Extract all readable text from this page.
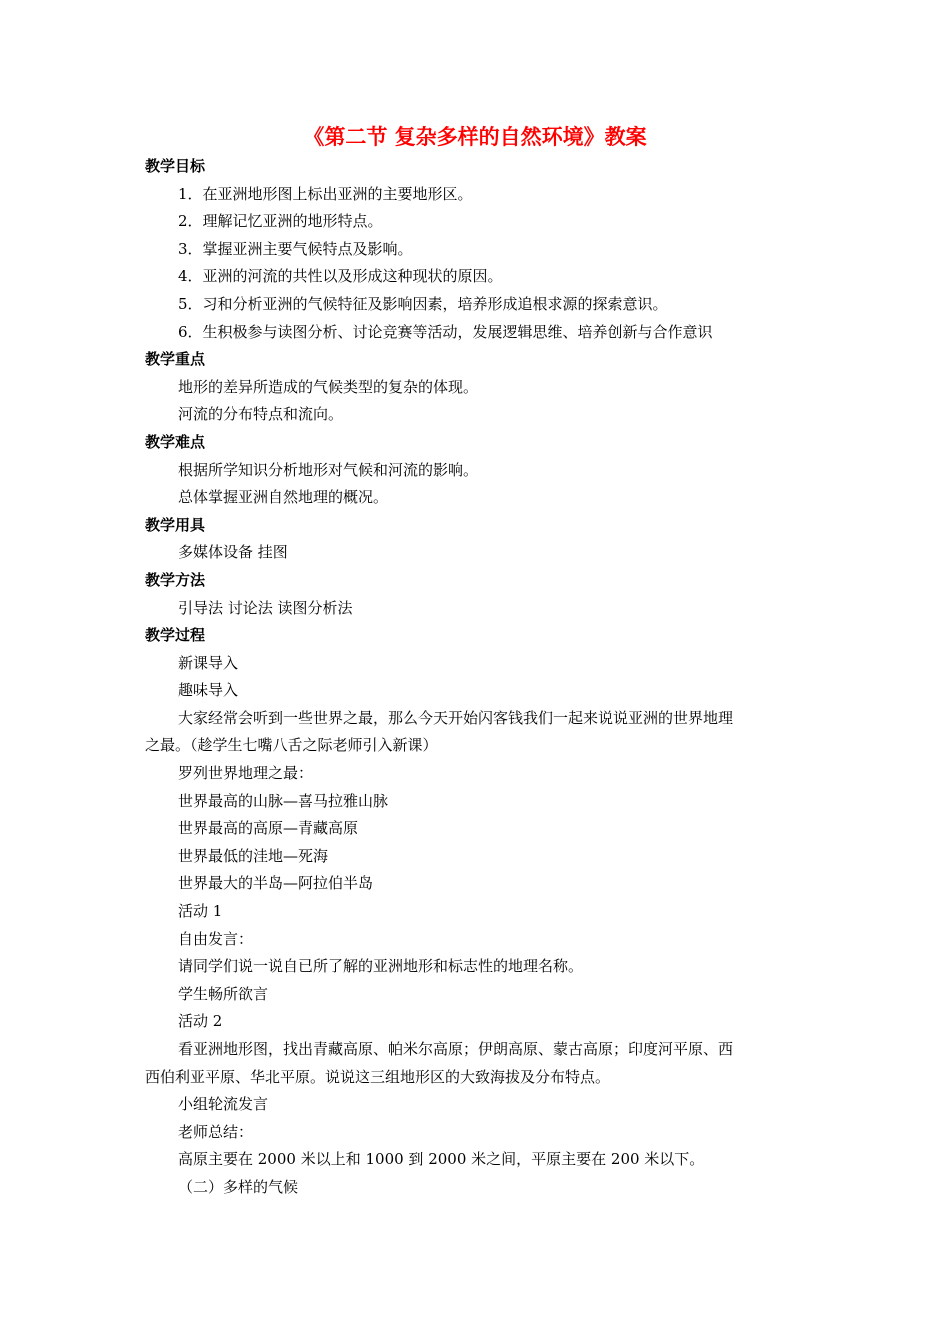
《第二节 复杂多样的自然环境》教案
教学目标
1．在亚洲地形图上标出亚洲的主要地形区。
2．理解记忆亚洲的地形特点。
3．掌握亚洲主要气候特点及影响。
4．亚洲的河流的共性以及形成这种现状的原因。
5．习和分析亚洲的气候特征及影响因素，培养形成追根求源的探索意识。
6．生积极参与读图分析、讨论竞赛等活动，发展逻辑思维、培养创新与合作意识
教学重点
地形的差异所造成的气候类型的复杂的体现。
河流的分布特点和流向。
教学难点
根据所学知识分析地形对气候和河流的影响。
总体掌握亚洲自然地理的概况。
教学用具
多媒体设备 挂图
教学方法
引导法 讨论法 读图分析法
教学过程
新课导入
趣味导入
大家经常会听到一些世界之最，那么今天开始闪客钱我们一起来说说亚洲的世界地理
之最。（趁学生七嘴八舌之际老师引入新课）
罗列世界地理之最：
世界最高的山脉—喜马拉雅山脉
世界最高的高原—青藏高原
世界最低的洼地—死海
世界最大的半岛—阿拉伯半岛
活动 1
自由发言：
请同学们说一说自已所了解的亚洲地形和标志性的地理名称。
学生畅所欲言
活动 2
看亚洲地形图，找出青藏高原、帕米尔高原；伊朗高原、蒙古高原；印度河平原、西
西伯利亚平原、华北平原。说说这三组地形区的大致海拔及分布特点。
小组轮流发言
老师总结：
高原主要在 2000 米以上和 1000 到 2000 米之间，平原主要在 200 米以下。
（二）多样的气候
